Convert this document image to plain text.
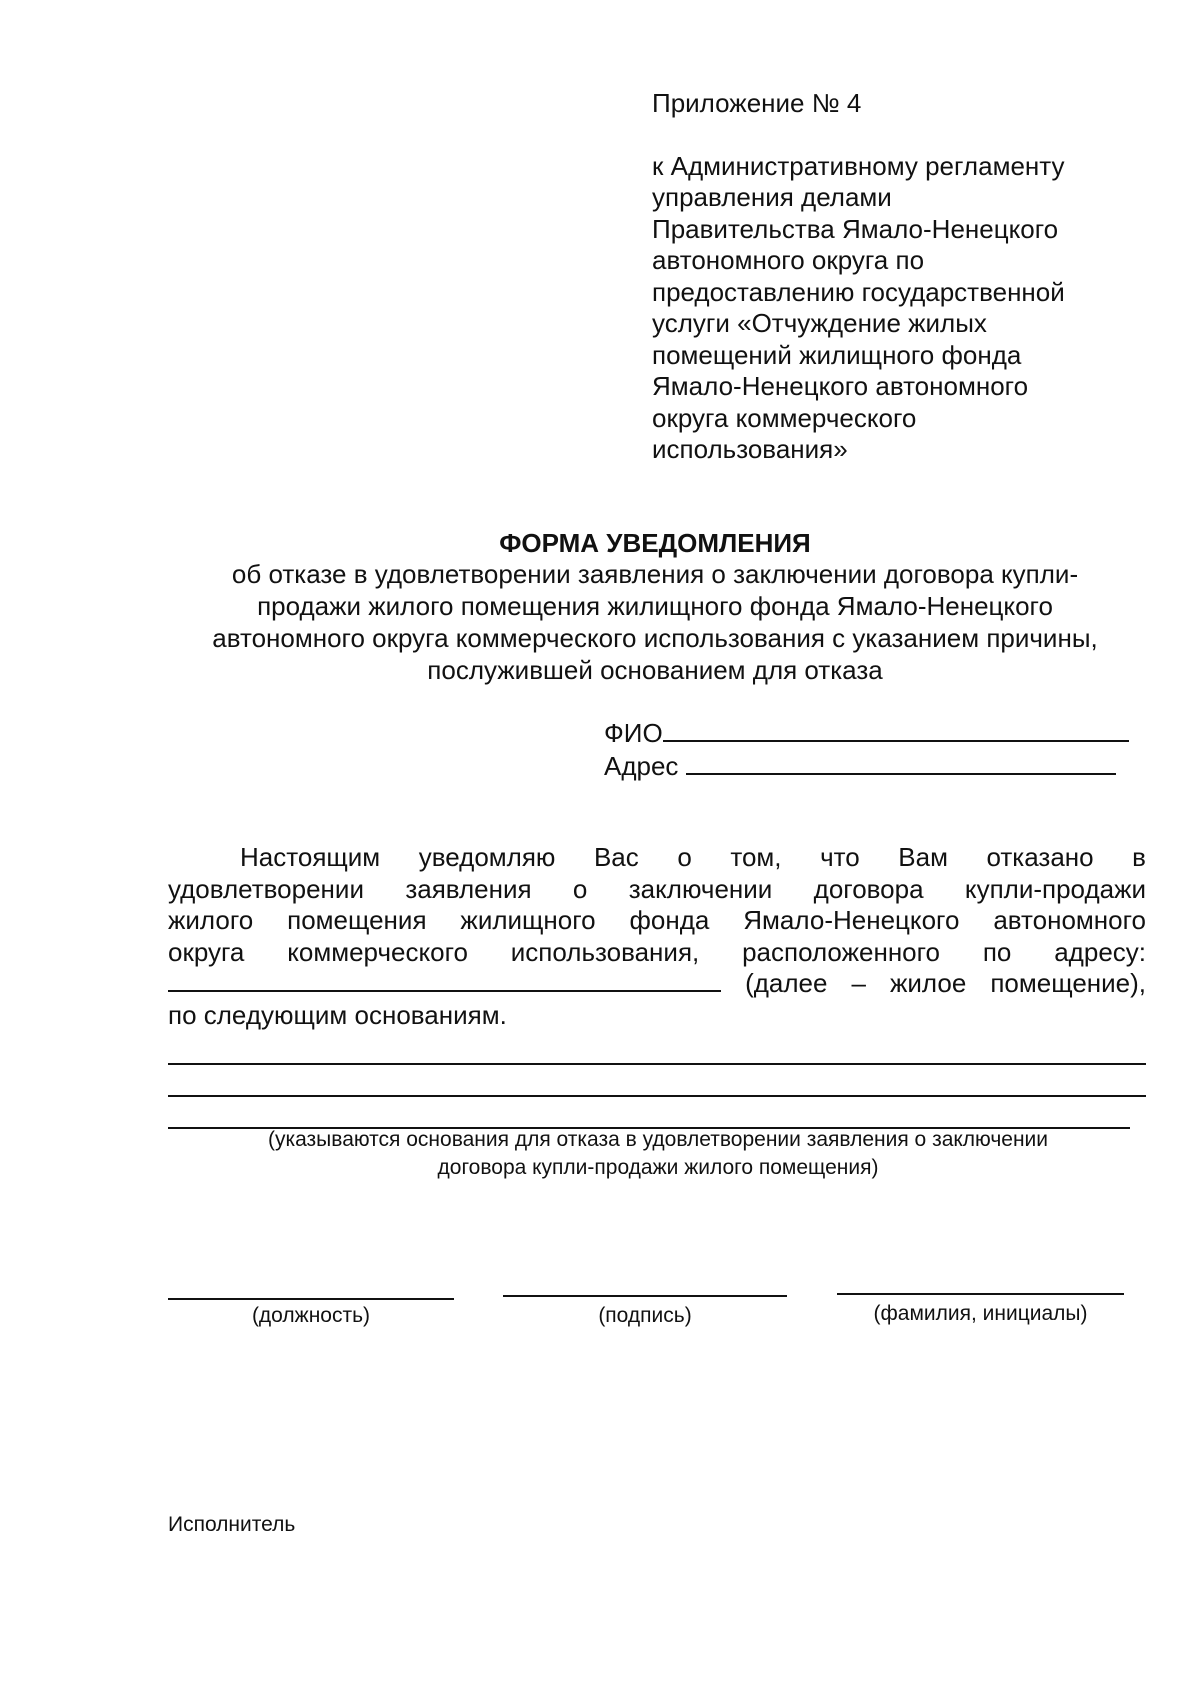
Приложение № 4
к Административному регламенту
управления делами
Правительства Ямало-Ненецкого
автономного округа по
предоставлению государственной
услуги «Отчуждение жилых
помещений жилищного фонда
Ямало-Ненецкого автономного
округа коммерческого
использования»
ФОРМА УВЕДОМЛЕНИЯ
об отказе в удовлетворении заявления о заключении договора купли-
продажи жилого помещения жилищного фонда Ямало-Ненецкого
автономного округа коммерческого использования с указанием причины,
послужившей основанием для отказа
ФИО
Адрес
Настоящим уведомляю Вас о том, что Вам отказано в
удовлетворении заявления о заключении договора купли-продажи
жилого помещения жилищного фонда Ямало-Ненецкого автономного
округа коммерческого использования, расположенного по адресу:
(далее – жилое помещение),
по следующим основаниям.
(указываются основания для отказа в удовлетворении заявления о заключении
договора купли-продажи жилого помещения)
(должность)	(подпись)	(фамилия, инициалы)
Исполнитель
